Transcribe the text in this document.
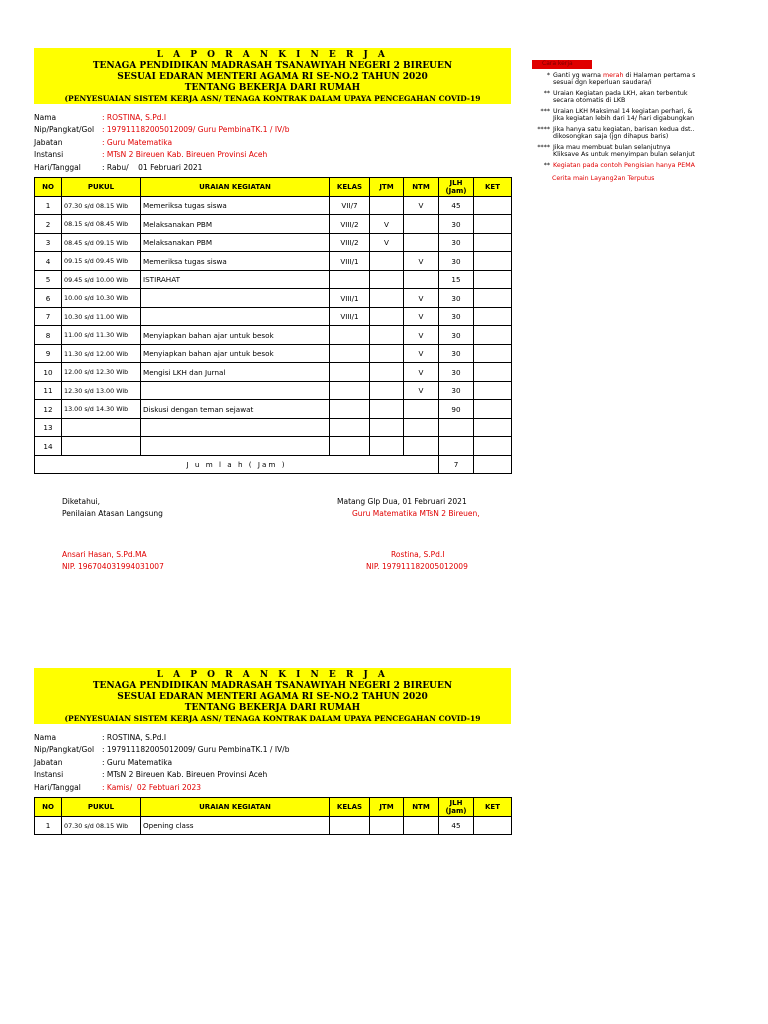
L A P O R A N K I N E R J A
TENAGA PENDIDIKAN MADRASAH TSANAWIYAH NEGERI 2 BIREUEN
SESUAI EDARAN MENTERI AGAMA RI SE-NO.2 TAHUN 2020
TENTANG BEKERJA DARI RUMAH
(PENYESUAIAN SISTEM KERJA ASN/ TENAGA KONTRAK DALAM UPAYA PENCEGAHAN COVID-19
Nama	: ROSTINA, S.Pd.I
Nip/Pangkat/Gol	: 197911182005012009/ Guru PembinaTK.1 / IV/b
Jabatan	: Guru Matematika
Instansi	: MTsN 2 Bireuen Kab. Bireuen Provinsi Aceh
Hari/Tanggal	: Rabu/ 01 Februari 2021
NO	PUKUL	URAIAN KEGIATAN	KELAS	JTM	NTM	JLH (Jam)	KET
1	07.30 s/d 08.15 Wib	Memeriksa tugas siswa	VII/7		V	45	
2	08.15 s/d 08.45 Wib	Melaksanakan PBM	VIII/2	V		30	
3	08.45 s/d 09.15 Wib	Melaksanakan PBM	VIII/2	V		30	
4	09.15 s/d 09.45 Wib	Memeriksa tugas siswa	VIII/1		V	30	
5	09.45 s/d 10.00 Wib	ISTIRAHAT				15	
6	10.00 s/d 10.30 Wib		VIII/1		V	30	
7	10.30 s/d 11.00 Wib		VIII/1		V	30	
8	11.00 s/d 11.30 Wib	Menyiapkan bahan ajar untuk besok			V	30	
9	11.30 s/d 12.00 Wib	Menyiapkan bahan ajar untuk besok			V	30	
10	12.00 s/d 12.30 Wib	Mengisi LKH dan Jurnal			V	30	
11	12.30 s/d 13.00 Wib				V	30	
12	13.00 s/d 14.30 Wib	Diskusi dengan teman sejawat				90	
13							
14							
J u m l a h ( Jam )						7	
Diketahui,
Penilaian Atasan Langsung
Matang Glp Dua, 01 Februari 2021
Guru Matematika MTsN 2 Bireuen,
Ansari Hasan, S.Pd.MA
NIP. 196704031994031007
Rostina, S.Pd.I
NIP. 197911182005012009
L A P O R A N K I N E R J A
TENAGA PENDIDIKAN MADRASAH TSANAWIYAH NEGERI 2 BIREUEN
SESUAI EDARAN MENTERI AGAMA RI SE-NO.2 TAHUN 2020
TENTANG BEKERJA DARI RUMAH
(PENYESUAIAN SISTEM KERJA ASN/ TENAGA KONTRAK DALAM UPAYA PENCEGAHAN COVID-19
Nama	: ROSTINA, S.Pd.I
Nip/Pangkat/Gol	: 197911182005012009/ Guru PembinaTK.1 / IV/b
Jabatan	: Guru Matematika
Instansi	: MTsN 2 Bireuen Kab. Bireuen Provinsi Aceh
Hari/Tanggal	: Kamis/ 02 Febtuari 2023
NO	PUKUL	URAIAN KEGIATAN	KELAS	JTM	NTM	JLH (Jam)	KET
1	07.30 s/d 08.15 Wib	Opening class				45	
Cara kerja
* Ganti yg warna merah di Halaman pertama s
sesuai dgn keperluan saudara/i
** Uraian Kegiatan pada LKH, akan terbentuk
secara otomatis di LKB
*** Uraian LKH Maksimal 14 kegiatan perhari, &
Jika kegiatan lebih dari 14/ hari digabungkan
**** Jika hanya satu kegiatan, barisan kedua dst..
dikosongkan saja (jgn dihapus baris)
**** Jika mau membuat bulan selanjutnya
Kliksave As untuk menyimpan bulan selanjut
** Kegiatan pada contoh Pengisian hanya PEMA
Cerita main Layang2an Terputus
